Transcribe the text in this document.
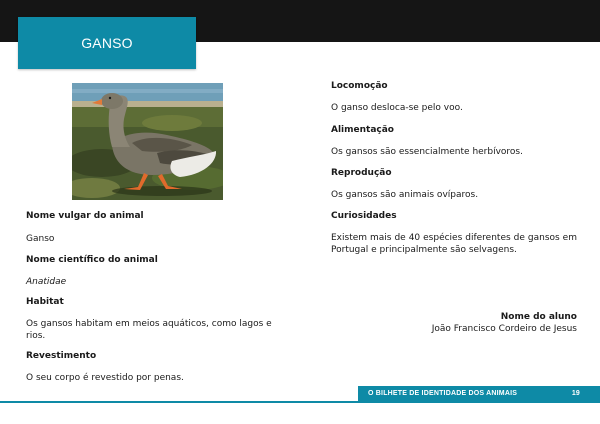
GANSO

Nome vulgar do animal

Ganso

Nome científico do animal

Anatidae

Habitat

Os gansos habitam em meios aquáticos, como lagos e rios.

Revestimento

O seu corpo é revestido por penas.

Locomoção

O ganso desloca-se pelo voo.

Alimentação

Os gansos são essencialmente herbívoros.

Reprodução

Os gansos são animais ovíparos.

Curiosidades

Existem mais de 40 espécies diferentes de gansos em Portugal e principalmente são selvagens.

Nome do aluno
João Francisco Cordeiro de Jesus
O BILHETE DE IDENTIDADE DOS ANIMAIS	19
